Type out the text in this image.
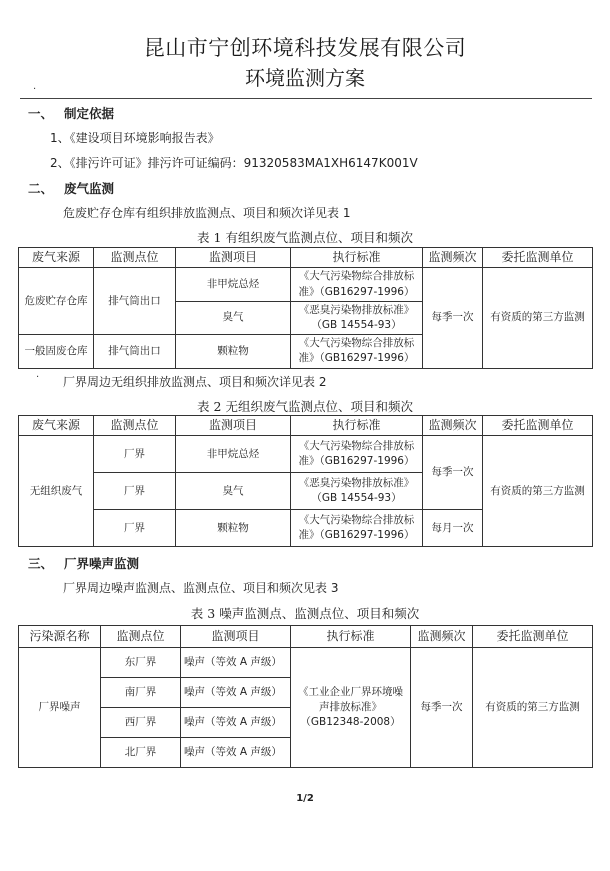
昆山市宁创环境科技发展有限公司
环境监测方案
·
一、 制定依据
1、《建设项目环境影响报告表》
2、《排污许可证》排污许可证编码：91320583MA1XH6147K001V
二、 废气监测
危废贮存仓库有组织排放监测点、项目和频次详见表 1
表 1 有组织废气监测点位、项目和频次
废气来源	监测点位	监测项目	执行标准	监测频次	委托监测单位
危废贮存仓库	排气筒出口	非甲烷总烃	《大气污染物综合排放标准》（GB16297-1996）	每季一次	有资质的第三方监测
		臭气	《恶臭污染物排放标准》（GB 14554-93）		
一般固废仓库	排气筒出口	颗粒物	《大气污染物综合排放标准》（GB16297-1996）		
· 厂界周边无组织排放监测点、项目和频次详见表 2
表 2 无组织废气监测点位、项目和频次
废气来源	监测点位	监测项目	执行标准	监测频次	委托监测单位
无组织废气	厂界	非甲烷总烃	《大气污染物综合排放标准》（GB16297-1996）	每季一次	有资质的第三方监测
	厂界	臭气	《恶臭污染物排放标准》（GB 14554-93）		
	厂界	颗粒物	《大气污染物综合排放标准》（GB16297-1996）	每月一次	
三、 厂界噪声监测
厂界周边噪声监测点、监测点位、项目和频次见表 3
表 3 噪声监测点、监测点位、项目和频次
污染源名称	监测点位	监测项目	执行标准	监测频次	委托监测单位
厂界噪声	东厂界	噪声（等效 A 声级）	《工业企业厂界环境噪声排放标准》（GB12348-2008）	每季一次	有资质的第三方监测
	南厂界	噪声（等效 A 声级）			
	西厂界	噪声（等效 A 声级）			
	北厂界	噪声（等效 A 声级）			
1/2
